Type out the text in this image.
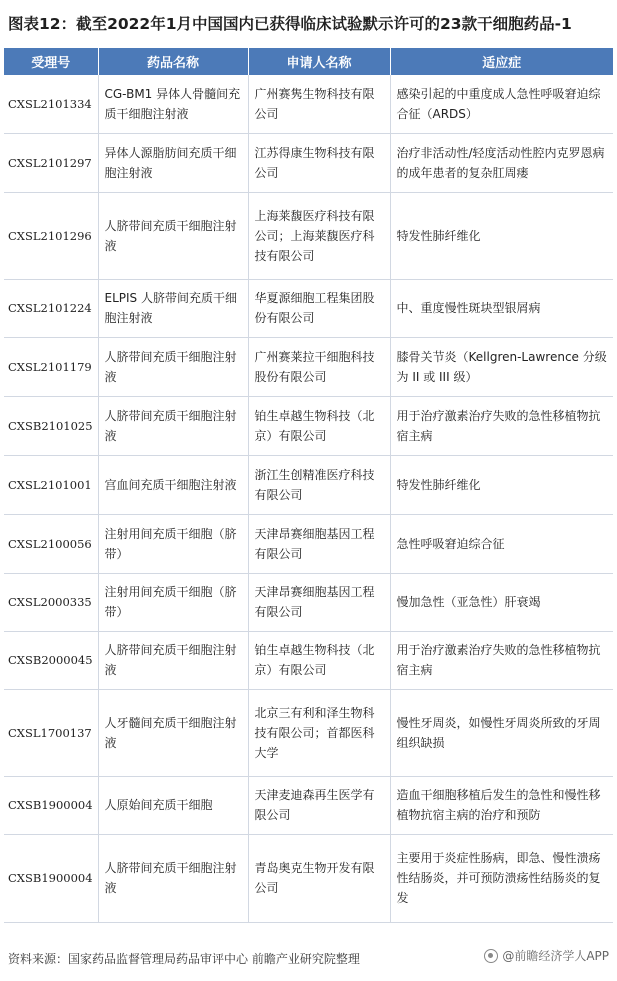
图表12：截至2022年1月中国国内已获得临床试验默示许可的23款干细胞药品-1
受理号	药品名称	申请人名称	适应症
CXSL2101334	CG-BM1 异体人骨髓间充质干细胞注射液	广州赛隽生物科技有限公司	感染引起的中重度成人急性呼吸窘迫综合征（ARDS）
CXSL2101297	异体人源脂肪间充质干细胞注射液	江苏得康生物科技有限公司	治疗非活动性/轻度活动性腔内克罗恩病的成年患者的复杂肛周瘘
CXSL2101296	人脐带间充质干细胞注射液	上海莱馥医疗科技有限公司；上海莱馥医疗科技有限公司	特发性肺纤维化
CXSL2101224	ELPIS 人脐带间充质干细胞注射液	华夏源细胞工程集团股份有限公司	中、重度慢性斑块型银屑病
CXSL2101179	人脐带间充质干细胞注射液	广州赛莱拉干细胞科技股份有限公司	膝骨关节炎（Kellgren-Lawrence 分级为 II 或 III 级）
CXSB2101025	人脐带间充质干细胞注射液	铂生卓越生物科技（北京）有限公司	用于治疗激素治疗失败的急性移植物抗宿主病
CXSL2101001	宫血间充质干细胞注射液	浙江生创精准医疗科技有限公司	特发性肺纤维化
CXSL2100056	注射用间充质干细胞（脐带）	天津昂赛细胞基因工程有限公司	急性呼吸窘迫综合征
CXSL2000335	注射用间充质干细胞（脐带）	天津昂赛细胞基因工程有限公司	慢加急性（亚急性）肝衰竭
CXSB2000045	人脐带间充质干细胞注射液	铂生卓越生物科技（北京）有限公司	用于治疗激素治疗失败的急性移植物抗宿主病
CXSL1700137	人牙髓间充质干细胞注射液	北京三有利和泽生物科技有限公司；首都医科大学	慢性牙周炎，如慢性牙周炎所致的牙周组织缺损
CXSB1900004	人原始间充质干细胞	天津麦迪森再生医学有限公司	造血干细胞移植后发生的急性和慢性移植物抗宿主病的治疗和预防
CXSB1900004	人脐带间充质干细胞注射液	青岛奥克生物开发有限公司	主要用于炎症性肠病，即急、慢性溃疡性结肠炎，并可预防溃疡性结肠炎的复发
资料来源：国家药品监督管理局药品审评中心 前瞻产业研究院整理	@前瞻经济学人APP
